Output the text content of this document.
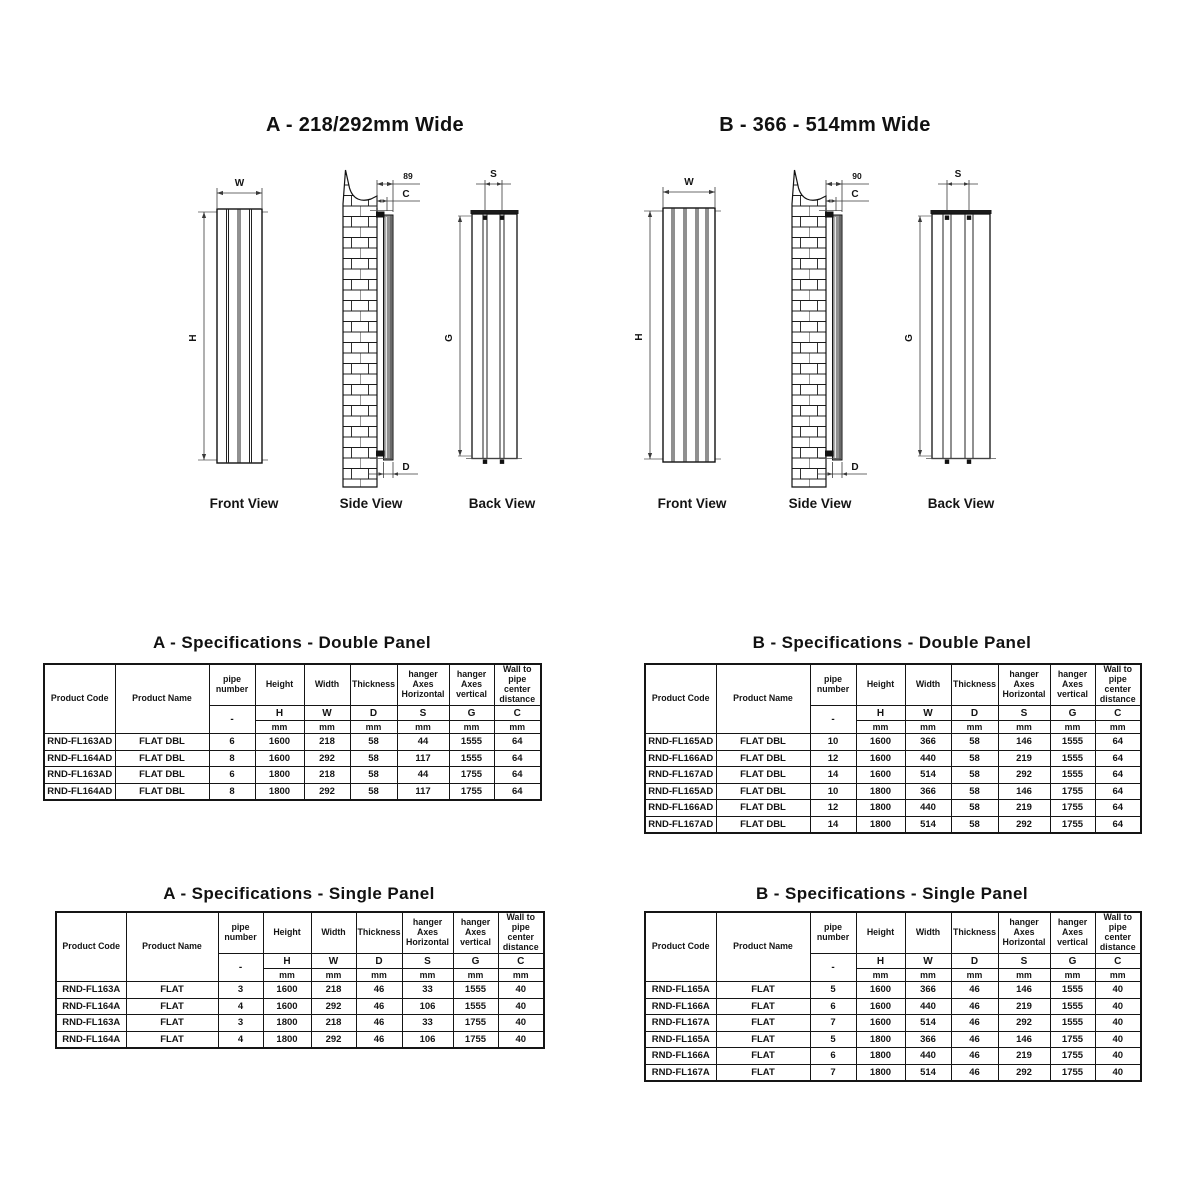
A - 218/292mm Wide
H
W
Front View
89
C
D
Side View
S
G
Back View
B - 366 - 514mm Wide
H
W
Front View
90
C
D
Side View
S
G
Back View
A - Specifications - Double Panel
Product Code	Product Name	pipe number	Height	Width	Thickness	hanger Axes Horizontal	hanger Axes vertical	Wall to pipe center distance
		-	H	W	D	S	G	C
			mm	mm	mm	mm	mm	mm
RND-FL163AD	FLAT DBL	6	1600	218	58	44	1555	64
RND-FL164AD	FLAT DBL	8	1600	292	58	117	1555	64
RND-FL163AD	FLAT DBL	6	1800	218	58	44	1755	64
RND-FL164AD	FLAT DBL	8	1800	292	58	117	1755	64
B - Specifications - Double Panel
Product Code	Product Name	pipe number	Height	Width	Thickness	hanger Axes Horizontal	hanger Axes vertical	Wall to pipe center distance
		-	H	W	D	S	G	C
			mm	mm	mm	mm	mm	mm
RND-FL165AD	FLAT DBL	10	1600	366	58	146	1555	64
RND-FL166AD	FLAT DBL	12	1600	440	58	219	1555	64
RND-FL167AD	FLAT DBL	14	1600	514	58	292	1555	64
RND-FL165AD	FLAT DBL	10	1800	366	58	146	1755	64
RND-FL166AD	FLAT DBL	12	1800	440	58	219	1755	64
RND-FL167AD	FLAT DBL	14	1800	514	58	292	1755	64
A - Specifications - Single Panel
Product Code	Product Name	pipe number	Height	Width	Thickness	hanger Axes Horizontal	hanger Axes vertical	Wall to pipe center distance
		-	H	W	D	S	G	C
			mm	mm	mm	mm	mm	mm
RND-FL163A	FLAT	3	1600	218	46	33	1555	40
RND-FL164A	FLAT	4	1600	292	46	106	1555	40
RND-FL163A	FLAT	3	1800	218	46	33	1755	40
RND-FL164A	FLAT	4	1800	292	46	106	1755	40
B - Specifications - Single Panel
Product Code	Product Name	pipe number	Height	Width	Thickness	hanger Axes Horizontal	hanger Axes vertical	Wall to pipe center distance
		-	H	W	D	S	G	C
			mm	mm	mm	mm	mm	mm
RND-FL165A	FLAT	5	1600	366	46	146	1555	40
RND-FL166A	FLAT	6	1600	440	46	219	1555	40
RND-FL167A	FLAT	7	1600	514	46	292	1555	40
RND-FL165A	FLAT	5	1800	366	46	146	1755	40
RND-FL166A	FLAT	6	1800	440	46	219	1755	40
RND-FL167A	FLAT	7	1800	514	46	292	1755	40
